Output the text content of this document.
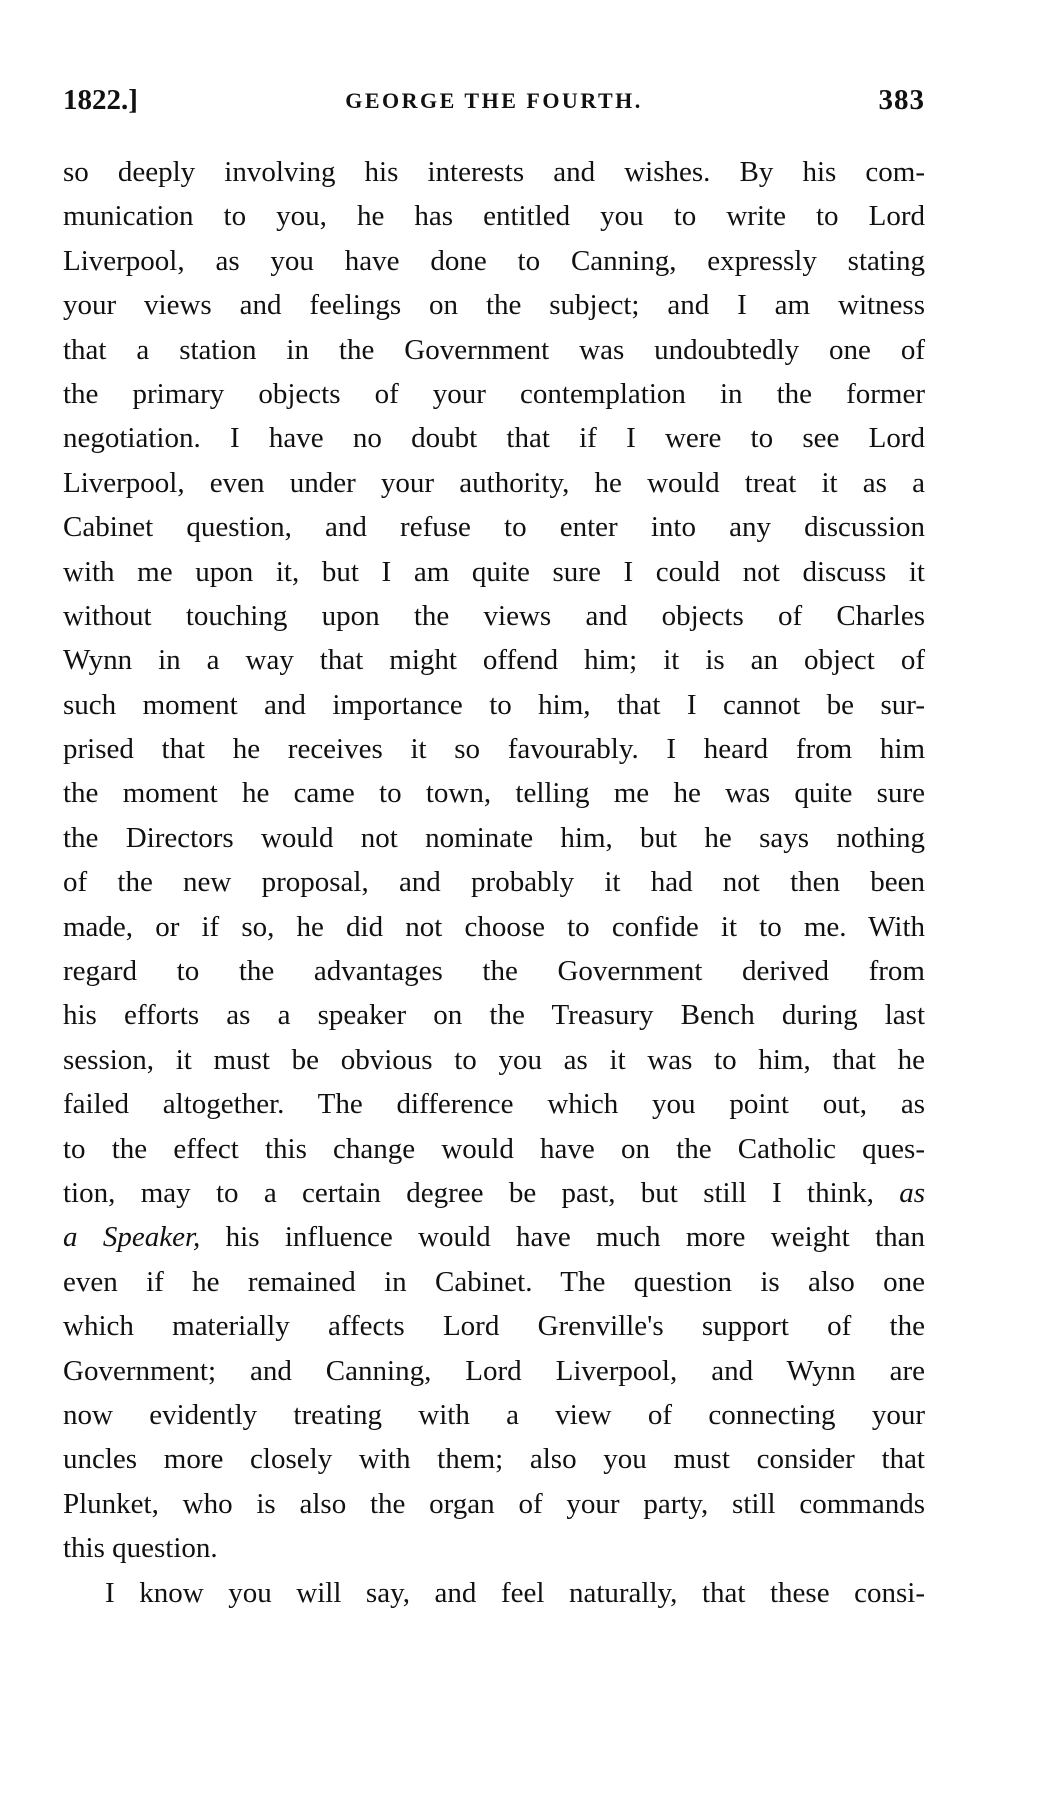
1822.]	GEORGE THE FOURTH.	383
so deeply involving his interests and wishes. By his com-
munication to you, he has entitled you to write to Lord
Liverpool, as you have done to Canning, expressly stating
your views and feelings on the subject; and I am witness
that a station in the Government was undoubtedly one of
the primary objects of your contemplation in the former
negotiation. I have no doubt that if I were to see Lord
Liverpool, even under your authority, he would treat it as a
Cabinet question, and refuse to enter into any discussion
with me upon it, but I am quite sure I could not discuss it
without touching upon the views and objects of Charles
Wynn in a way that might offend him; it is an object of
such moment and importance to him, that I cannot be sur-
prised that he receives it so favourably. I heard from him
the moment he came to town, telling me he was quite sure
the Directors would not nominate him, but he says nothing
of the new proposal, and probably it had not then been
made, or if so, he did not choose to confide it to me. With
regard to the advantages the Government derived from
his efforts as a speaker on the Treasury Bench during last
session, it must be obvious to you as it was to him, that he
failed altogether. The difference which you point out, as
to the effect this change would have on the Catholic ques-
tion, may to a certain degree be past, but still I think, as
a Speaker, his influence would have much more weight than
even if he remained in Cabinet. The question is also one
which materially affects Lord Grenville's support of the
Government; and Canning, Lord Liverpool, and Wynn are
now evidently treating with a view of connecting your
uncles more closely with them; also you must consider that
Plunket, who is also the organ of your party, still commands
this question.
I know you will say, and feel naturally, that these consi-
